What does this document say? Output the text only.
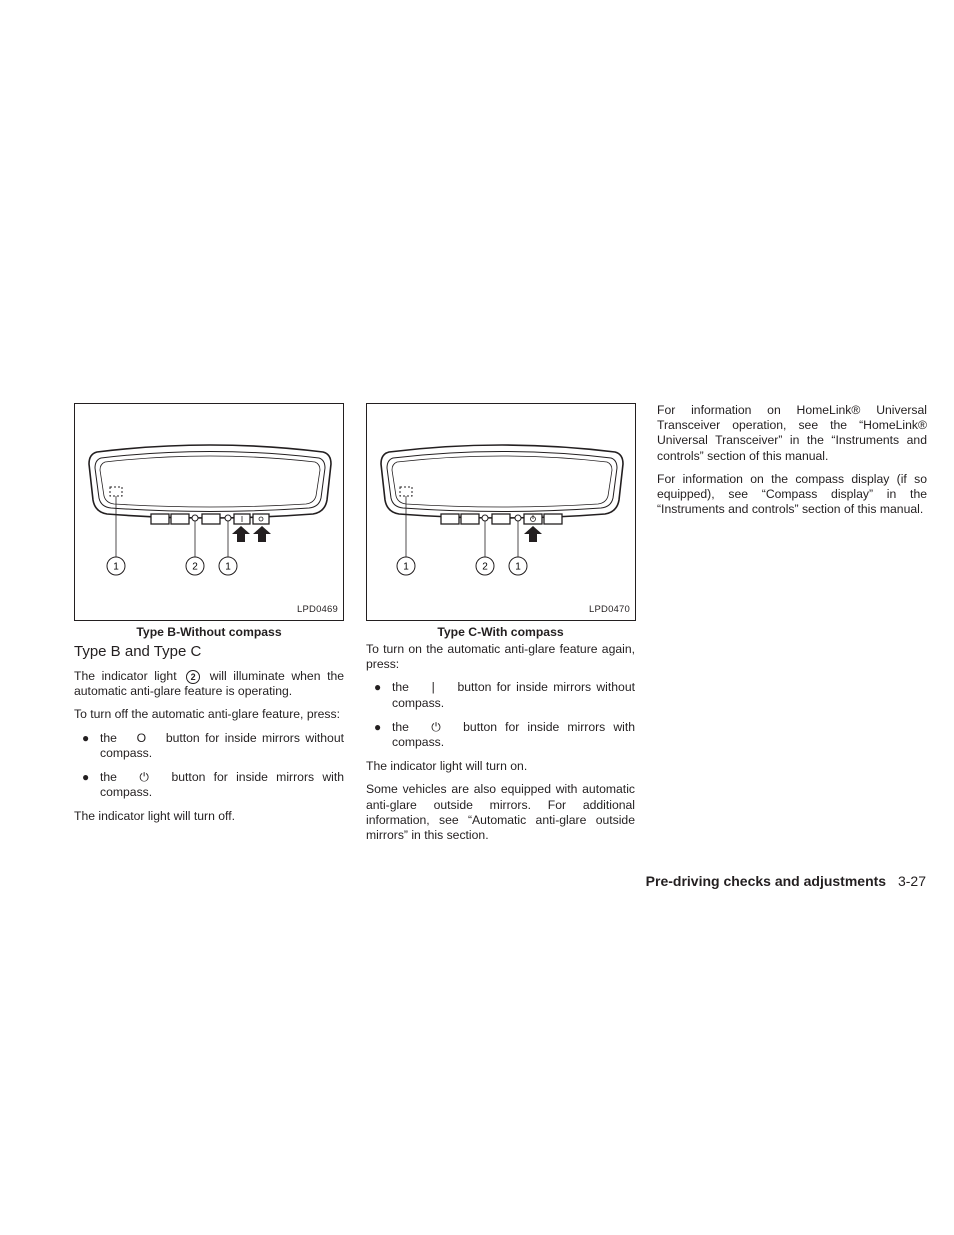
1	2	1
LPD0469
Type B-Without compass
Type B and Type C

The indicator light 2 will illuminate when the automatic anti-glare feature is operating.

To turn off the automatic anti-glare feature, press:

● the O button for inside mirrors without compass.
● the ⏻ button for inside mirrors with compass.

The indicator light will turn off.

1	2	1
LPD0470
Type C-With compass

To turn on the automatic anti-glare feature again, press:

● the | button for inside mirrors without compass.
● the ⏻ button for inside mirrors with compass.

The indicator light will turn on.

Some vehicles are also equipped with automatic anti-glare outside mirrors. For additional information, see “Automatic anti-glare outside mirrors” in this section.

For information on HomeLink® Universal Transceiver operation, see the “HomeLink® Universal Transceiver” in the “Instruments and controls” section of this manual.

For information on the compass display (if so equipped), see “Compass display” in the “Instruments and controls” section of this manual.

Pre-driving checks and adjustments 3-27
